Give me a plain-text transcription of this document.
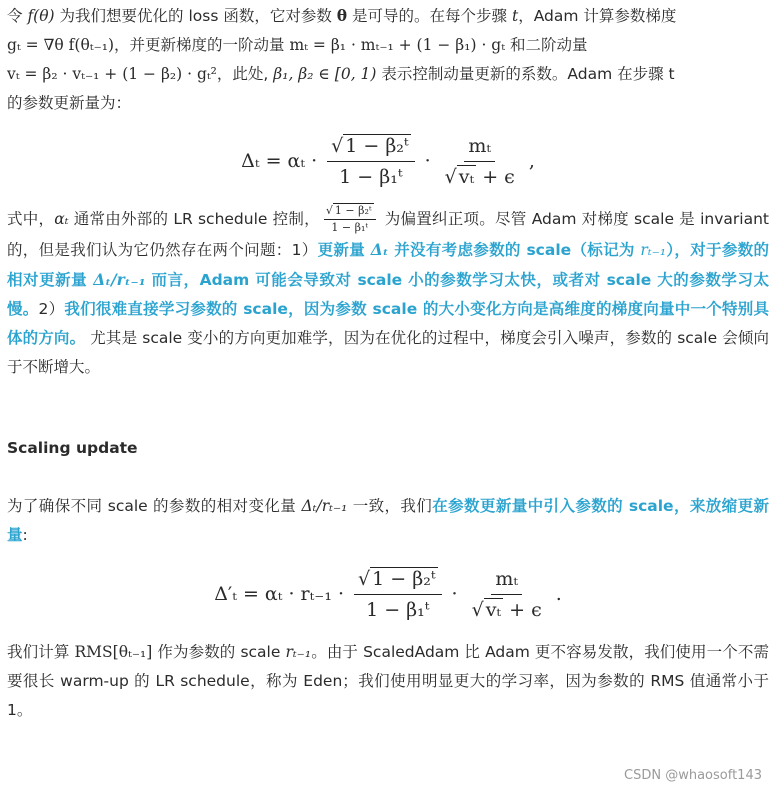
令 f(θ) 为我们想要优化的 loss 函数，它对参数 θ 是可导的。在每个步骤 t，Adam 计算参数梯度
gₜ = ∇θ f(θₜ₋₁)，并更新梯度的一阶动量 mₜ = β₁ · mₜ₋₁ + (1 − β₁) · gₜ 和二阶动量
vₜ = β₂ · vₜ₋₁ + (1 − β₂) · gₜ²，此处, β₁, β₂ ∈ [0, 1) 表示控制动量更新的系数。Adam 在步骤 t
的参数更新量为：

$\Delta_t = \alpha_t \cdot \frac{\text{√ 1 − β₂ᵗ}}{\text{1 − β₁ᵗ}} \cdot \frac{\text{mₜ}}{\text{√ vₜ + ϵ}}$ ,

式中，αₜ 通常由外部的 LR schedule 控制， $\frac{\text{√ 1 − β₂ᵗ}}{\text{1 − β₁ᵗ}}$ 为偏置纠正项。尽管 Adam 对梯度 scale 是 invariant 的，但是我们认为它仍然存在两个问题：1）更新量 Δₜ 并没有考虑参数的 scale（标记为 rₜ₋₁），对于参数的相对更新量 Δₜ/rₜ₋₁ 而言，Adam 可能会导致对 scale 小的参数学习太快，或者对 scale 大的参数学习太慢。2）我们很难直接学习参数的 scale，因为参数 scale 的大小变化方向是高维度的梯度向量中一个特别具体的方向。 尤其是 scale 变小的方向更加难学，因为在优化的过程中，梯度会引入噪声，参数的 scale 会倾向于不断增大。

Scaling update

为了确保不同 scale 的参数的相对变化量 Δₜ/rₜ₋₁ 一致，我们在参数更新量中引入参数的 scale，来放缩更新量:

$\Delta'_t = \alpha_t \cdot r_{t-1} \cdot \frac{\text{√ 1 − β₂ᵗ}}{\text{1 − β₁ᵗ}} \cdot \frac{\text{mₜ}}{\text{√ vₜ + ϵ}}$ .

我们计算 RMS[θₜ₋₁] 作为参数的 scale rₜ₋₁。由于 ScaledAdam 比 Adam 更不容易发散，我们使用一个不需要很长 warm-up 的 LR schedule，称为 Eden；我们使用明显更大的学习率，因为参数的 RMS 值通常小于 1。

CSDN @whaosoft143
